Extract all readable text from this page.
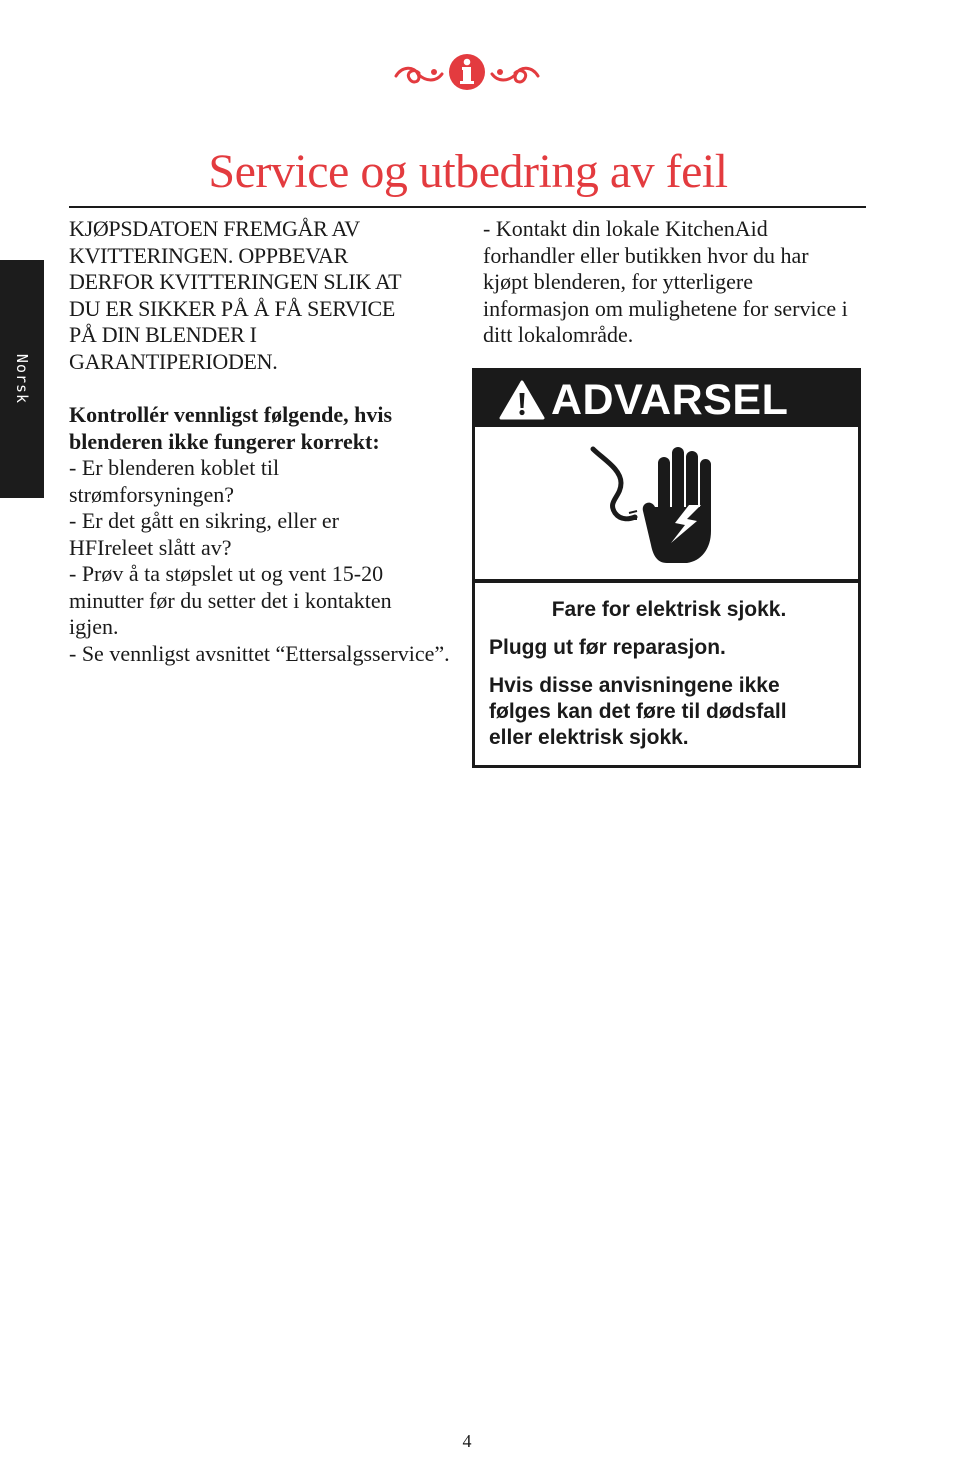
Norsk
Service og utbedring av feil

KJØPSDATOEN FREMGÅR AV
KVITTERINGEN. OPPBEVAR
DERFOR KVITTERINGEN SLIK AT
DU ER SIKKER PÅ Å FÅ SERVICE
PÅ DIN BLENDER I
GARANTIPERIODEN.

Kontrollér vennligst følgende, hvis
blenderen ikke fungerer korrekt:

- Er blenderen koblet til
strømforsyningen?
- Er det gått en sikring, eller er
HFIreleet slått av?
- Prøv å ta støpslet ut og vent 15-20
minutter før du setter det i kontakten
igjen.
- Se vennligst avsnittet “Ettersalgsservice”.

- Kontakt din lokale KitchenAid
forhandler eller butikken hvor du har
kjøpt blenderen, for ytterligere
informasjon om mulighetene for service i
ditt lokalområde.

ADVARSEL

Fare for elektrisk sjokk.

Plugg ut før reparasjon.

Hvis disse anvisningene ikke
følges kan det føre til dødsfall
eller elektrisk sjokk.

4
